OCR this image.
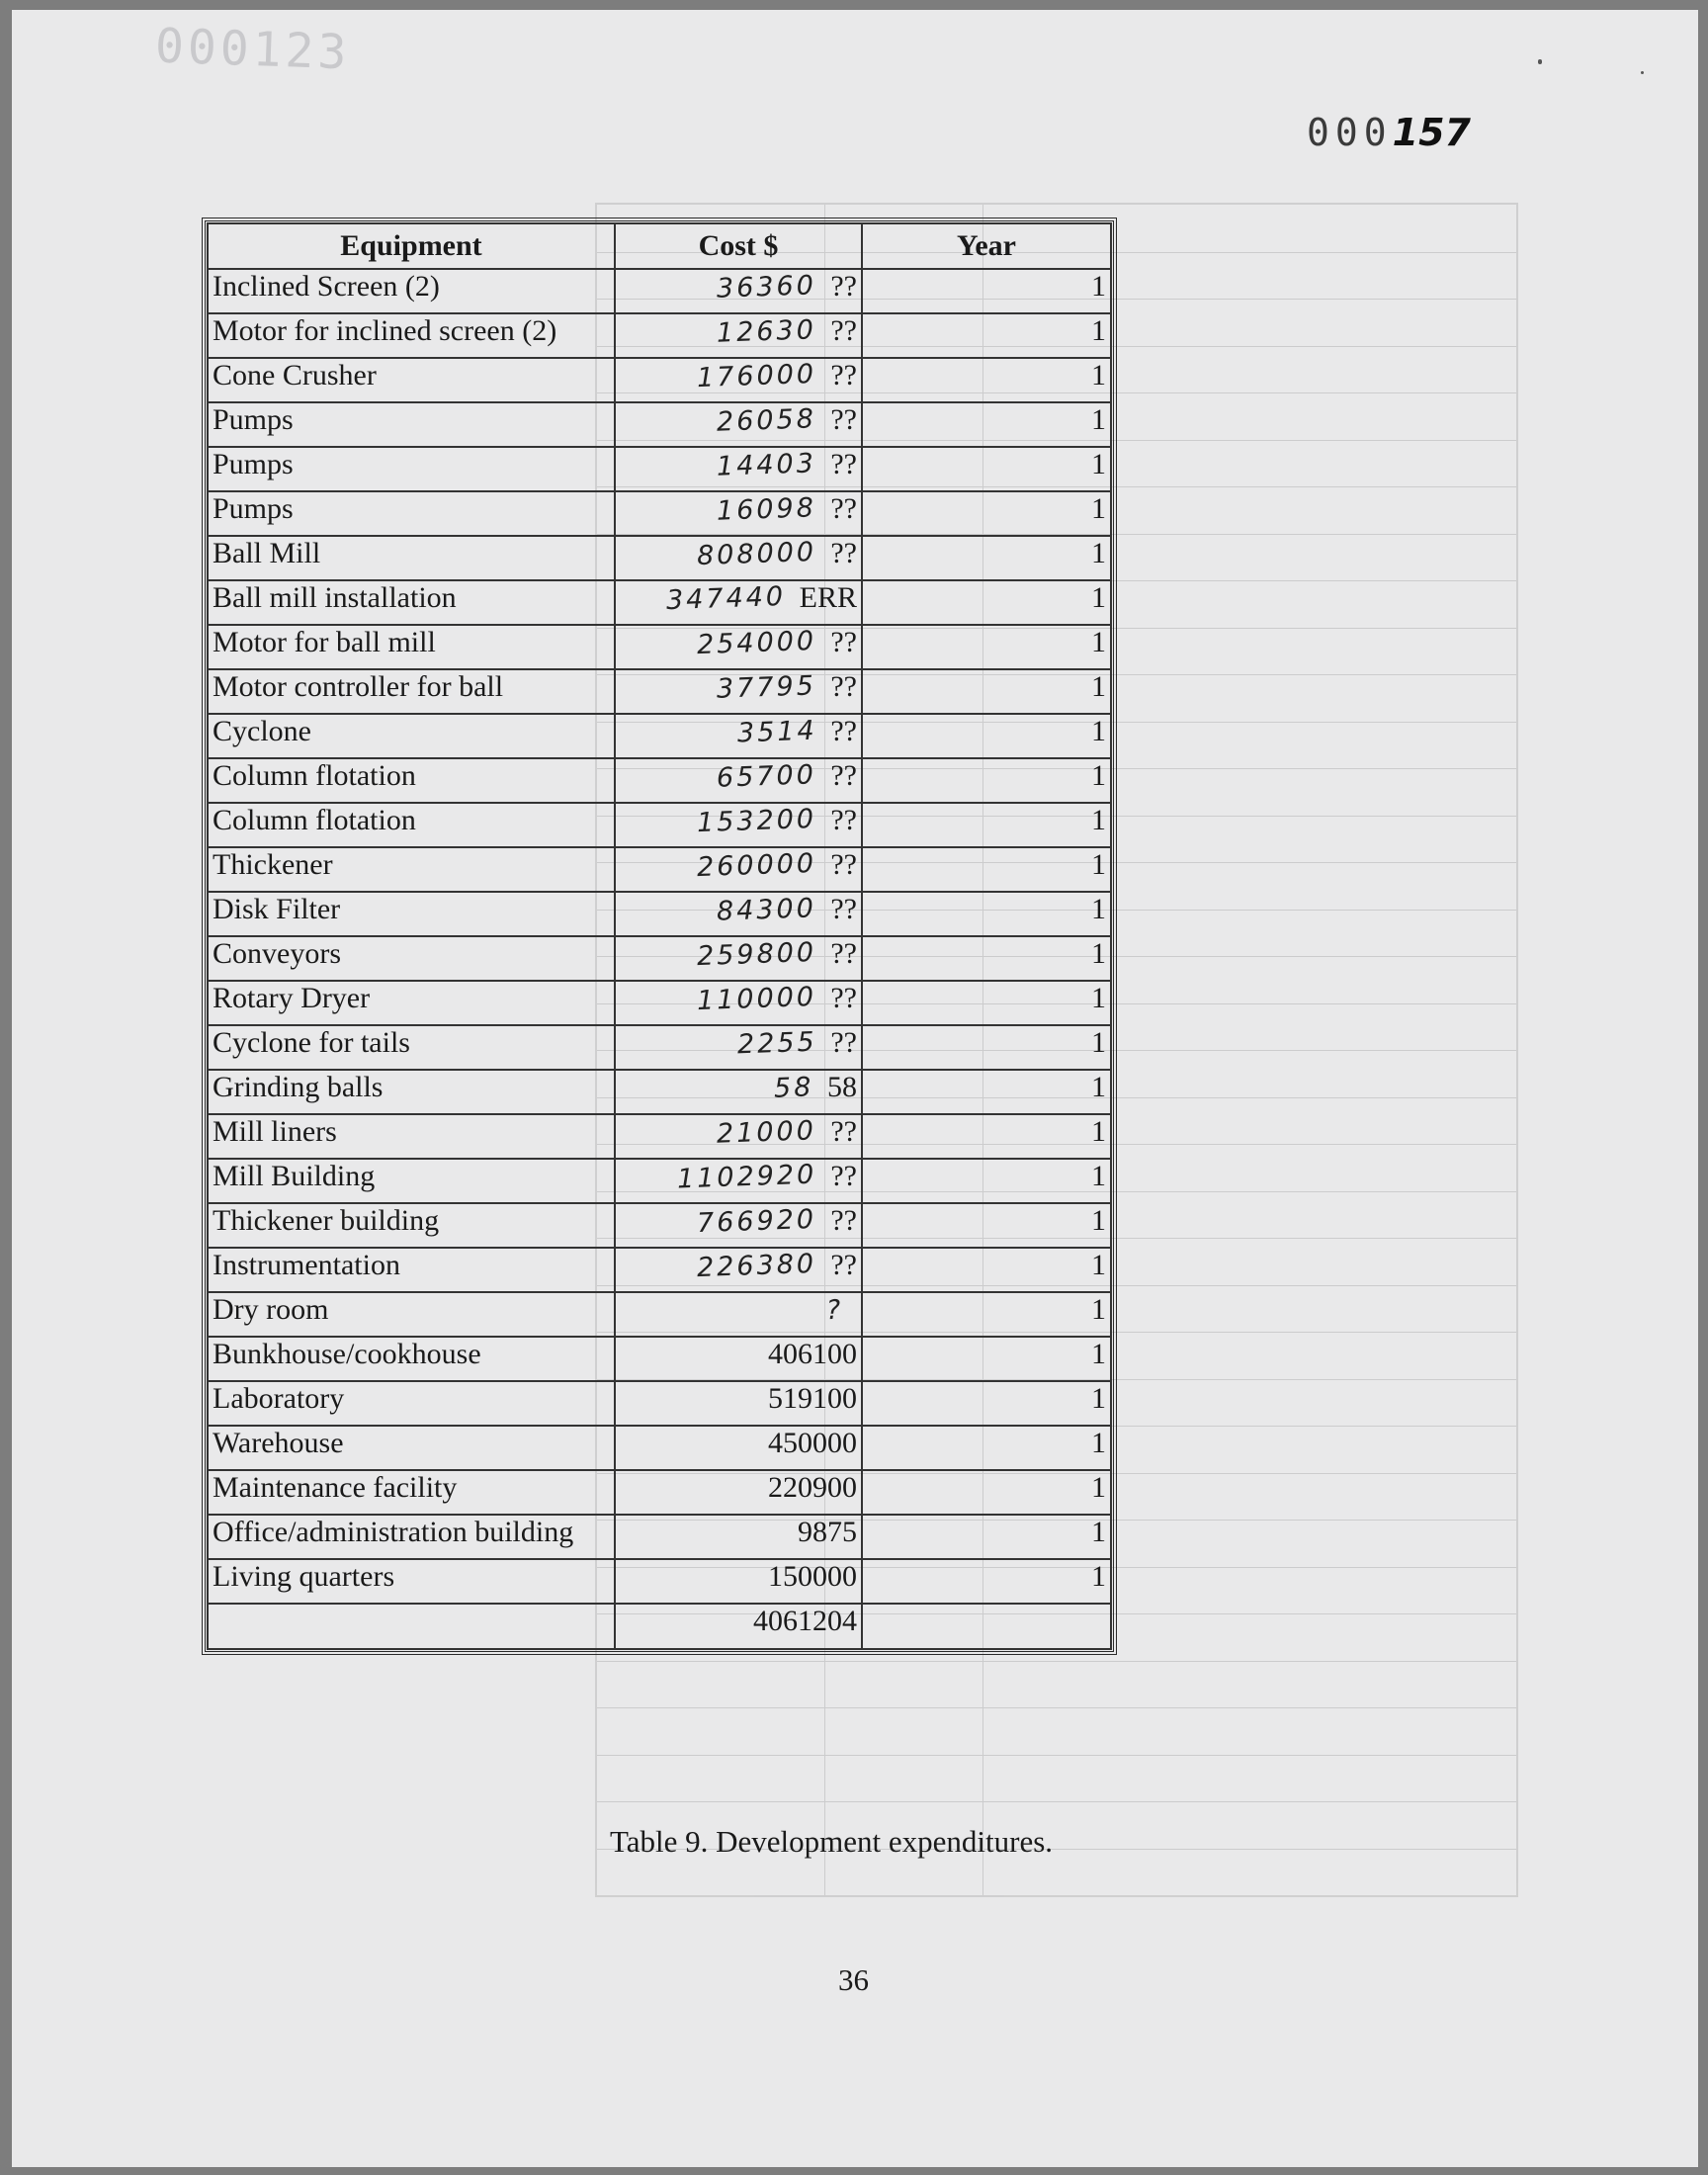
000123
000157
Equipment	Cost $	Year
Inclined Screen (2)	36360 ??	1
Motor for inclined screen (2)	12630 ??	1
Cone Crusher	176000 ??	1
Pumps	26058 ??	1
Pumps	14403 ??	1
Pumps	16098 ??	1
Ball Mill	808000 ??	1
Ball mill installation	347440 ERR	1
Motor for ball mill	254000 ??	1
Motor controller for ball	37795 ??	1
Cyclone	3514 ??	1
Column flotation	65700 ??	1
Column flotation	153200 ??	1
Thickener	260000 ??	1
Disk Filter	84300 ??	1
Conveyors	259800 ??	1
Rotary Dryer	110000 ??	1
Cyclone for tails	2255 ??	1
Grinding balls	58 58	1
Mill liners	21000 ??	1
Mill Building	1102920 ??	1
Thickener building	766920 ??	1
Instrumentation	226380 ??	1
Dry room	?	1
Bunkhouse/cookhouse	406100	1
Laboratory	519100	1
Warehouse	450000	1
Maintenance facility	220900	1
Office/administration building	9875	1
Living quarters	150000	1
	4061204	
Table 9. Development expenditures.
36
